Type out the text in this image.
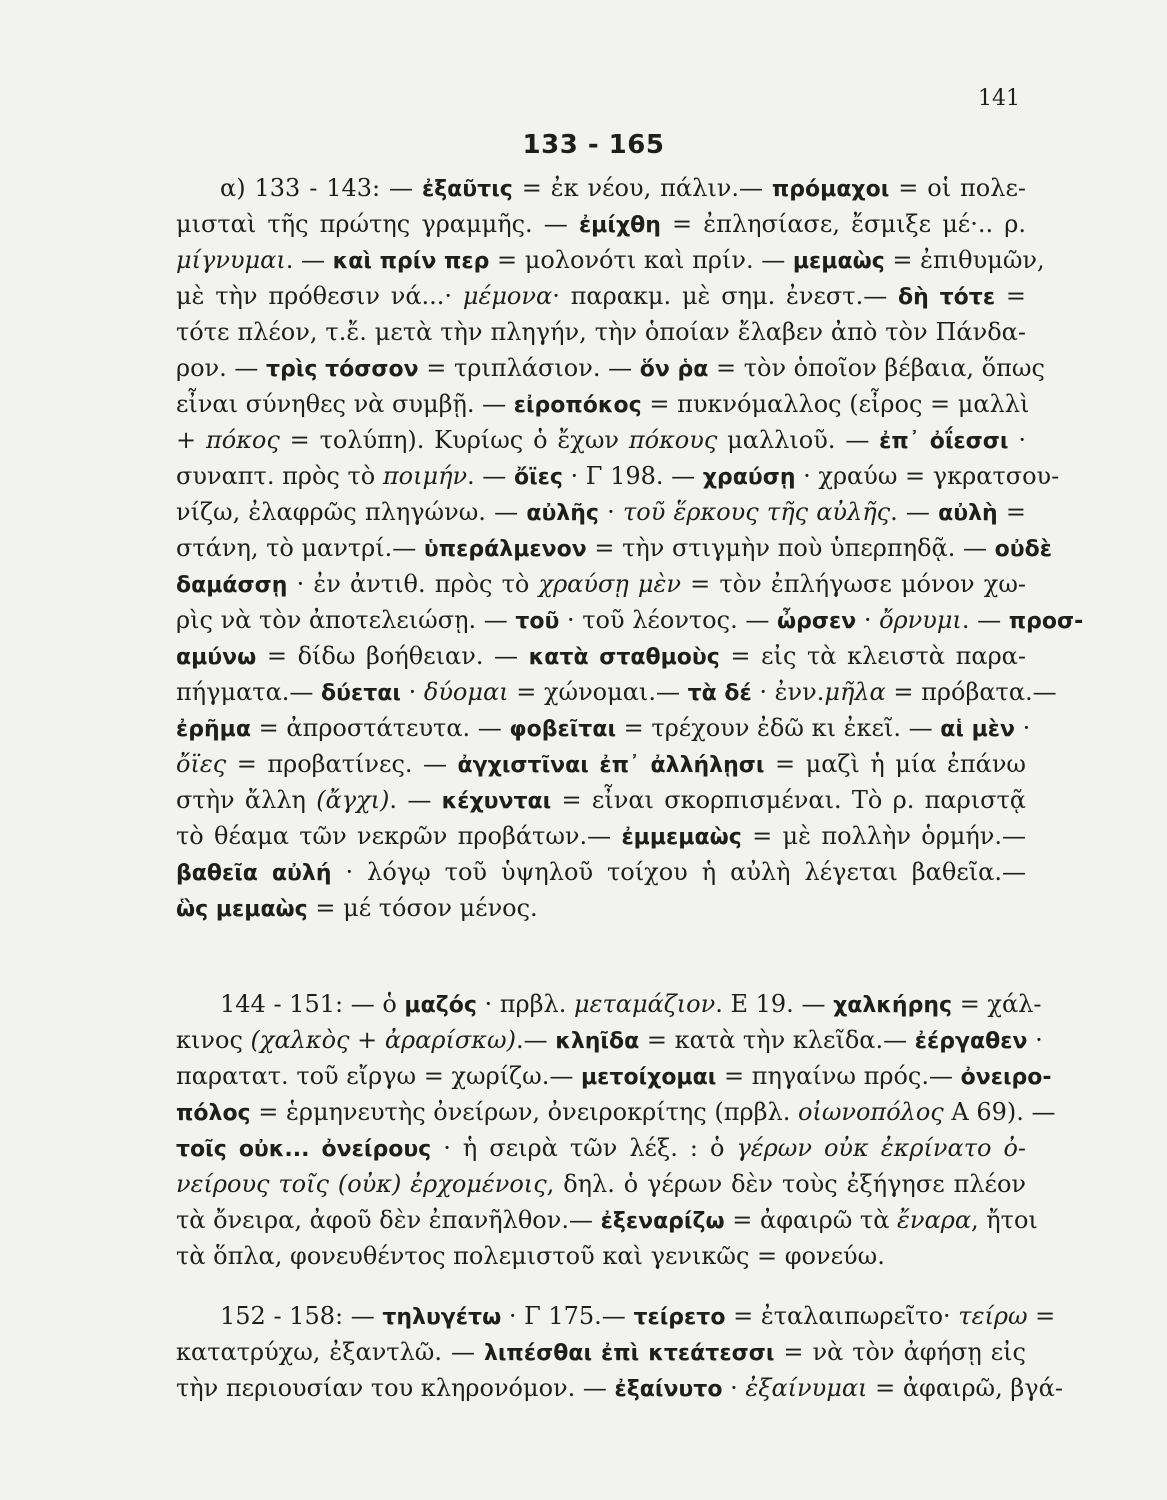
141
133 - 165
α) 133 - 143: — ἐξαῦτις = ἐκ νέου, πάλιν.— πρόμαχοι = οἱ πολε-
μισταὶ τῆς πρώτης γραμμῆς. — ἐμίχθη = ἐπλησίασε, ἔσμιξε μέ·.. ρ.
μίγνυμαι. — καὶ πρίν περ = μολονότι καὶ πρίν. — μεμαὼς = ἐπιθυμῶν,
μὲ τὴν πρόθεσιν νά...· μέμονα· παρακμ. μὲ σημ. ἐνεστ.— δὴ τότε =
τότε πλέον, τ.ἔ. μετὰ τὴν πληγήν, τὴν ὁποίαν ἔλαβεν ἀπὸ τὸν Πάνδα-
ρον. — τρὶς τόσσον = τριπλάσιον. — ὅν ῥα = τὸν ὁποῖον βέβαια, ὅπως
εἶναι σύνηθες νὰ συμβῇ. — εἰροπόκος = πυκνόμαλλος (εἶρος = μαλλὶ
+ πόκος = τολύπη). Κυρίως ὁ ἔχων πόκους μαλλιοῦ. — ἐπ᾽ ὀΐεσσι ·
συναπτ. πρὸς τὸ ποιμήν. — ὄϊες · Γ 198. — χραύσῃ · χραύω = γκρατσου-
νίζω, ἐλαφρῶς πληγώνω. — αὐλῆς · τοῦ ἕρκους τῆς αὐλῆς. — αὐλὴ =
στάνη, τὸ μαντρί.— ὑπεράλμενον = τὴν στιγμὴν ποὺ ὑπερπηδᾷ. — οὐδὲ
δαμάσσῃ · ἐν ἀντιθ. πρὸς τὸ χραύσῃ μὲν = τὸν ἐπλήγωσε μόνον χω-
ρὶς νὰ τὸν ἀποτελειώσῃ. — τοῦ · τοῦ λέοντος. — ὦρσεν · ὄρνυμι. — προσ-
αμύνω = δίδω βοήθειαν. — κατὰ σταθμοὺς = εἰς τὰ κλειστὰ παρα-
πήγματα.— δύεται · δύομαι = χώνομαι.— τὰ δέ · ἐνν.μῆλα = πρόβατα.—
ἐρῆμα = ἀπροστάτευτα. — φοβεῖται = τρέχουν ἐδῶ κι ἐκεῖ. — αἱ μὲν ·
ὄϊες = προβατίνες. — ἀγχιστῖναι ἐπ᾽ ἀλλήλῃσι = μαζὶ ἡ μία ἐπάνω
στὴν ἄλλη (ἄγχι). — κέχυνται = εἶναι σκορπισμέναι. Τὸ ρ. παριστᾷ
τὸ θέαμα τῶν νεκρῶν προβάτων.— ἐμμεμαὼς = μὲ πολλὴν ὁρμήν.—
βαθεῖα αὐλή · λόγῳ τοῦ ὑψηλοῦ τοίχου ἡ αὐλὴ λέγεται βαθεῖα.—
ὣς μεμαὼς = μέ τόσον μένος.
144 - 151: — ὁ μαζός · πρβλ. μεταμάζιον. Ε 19. — χαλκήρης = χάλ-
κινος (χαλκὸς + ἀραρίσκω).— κληῖδα = κατὰ τὴν κλεῖδα.— ἐέργαθεν ·
παρατατ. τοῦ εἴργω = χωρίζω.— μετοίχομαι = πηγαίνω πρός.— ὀνειρο-
πόλος = ἑρμηνευτὴς ὀνείρων, ὀνειροκρίτης (πρβλ. οἰωνοπόλος Α 69). —
τοῖς οὐκ... ὀνείρους · ἡ σειρὰ τῶν λέξ. : ὁ γέρων οὐκ ἐκρίνατο ὀ-
νείρους τοῖς (οὐκ) ἐρχομένοις, δηλ. ὁ γέρων δὲν τοὺς ἐξήγησε πλέον
τὰ ὄνειρα, ἀφοῦ δὲν ἐπανῆλθον.— ἐξεναρίζω = ἀφαιρῶ τὰ ἔναρα, ἤτοι
τὰ ὅπλα, φονευθέντος πολεμιστοῦ καὶ γενικῶς = φονεύω.
152 - 158: — τηλυγέτω · Γ 175.— τείρετο = ἐταλαιπωρεῖτο· τείρω =
κατατρύχω, ἐξαντλῶ. — λιπέσθαι ἐπὶ κτεάτεσσι = νὰ τὸν ἀφήσῃ εἰς
τὴν περιουσίαν του κληρονόμον. — ἐξαίνυτο · ἐξαίνυμαι = ἀφαιρῶ, βγά-
